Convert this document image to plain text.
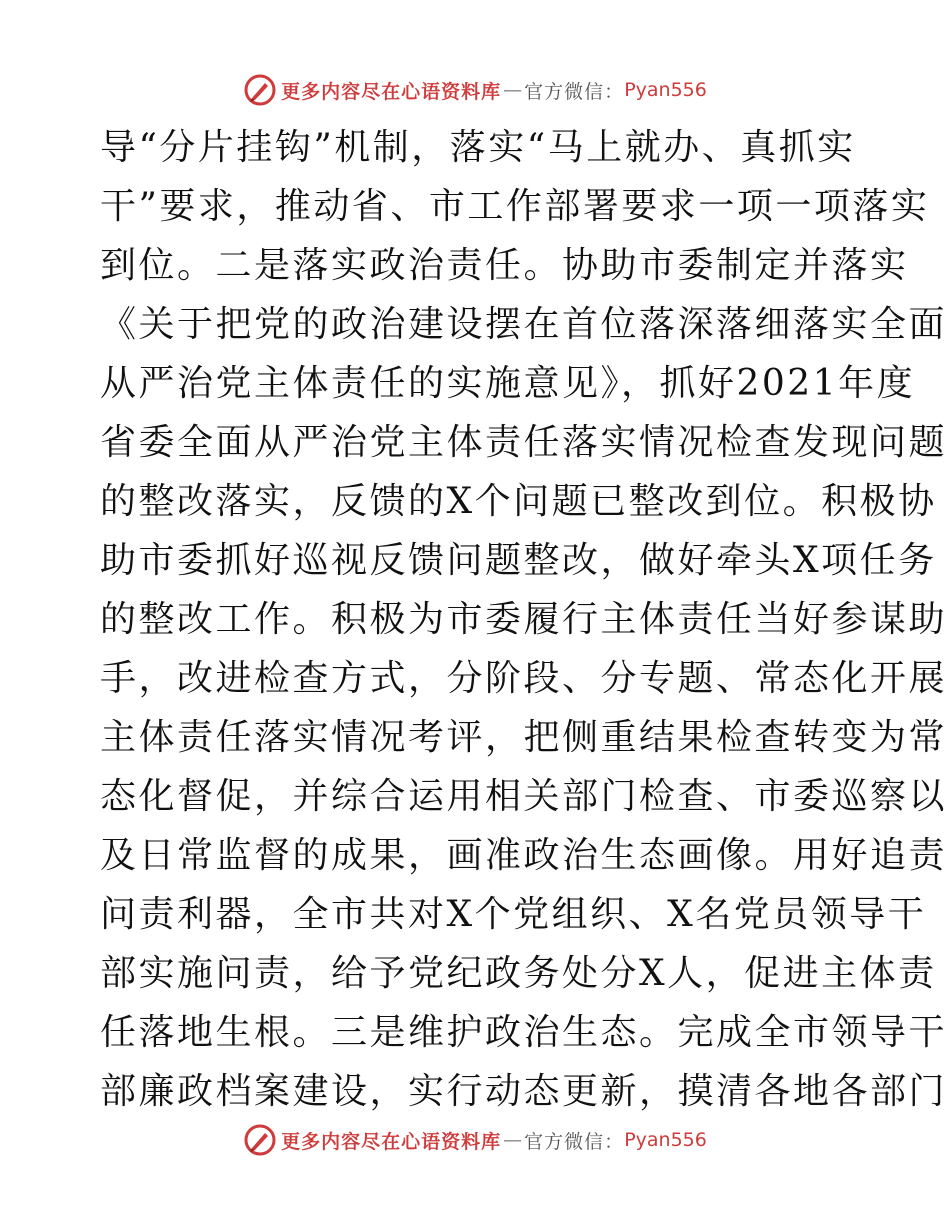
更多内容尽在心语资料库 — 官方微信： Pyan556
导“分片挂钩”机制，落实“马上就办、真抓实
干”要求，推动省、市工作部署要求一项一项落实
到位。二是落实政治责任。协助市委制定并落实
《关于把党的政治建设摆在首位落深落细落实全面
从严治党主体责任的实施意见》，抓好2021年度
省委全面从严治党主体责任落实情况检查发现问题
的整改落实，反馈的X个问题已整改到位。积极协
助市委抓好巡视反馈问题整改，做好牵头X项任务
的整改工作。积极为市委履行主体责任当好参谋助
手，改进检查方式，分阶段、分专题、常态化开展
主体责任落实情况考评，把侧重结果检查转变为常
态化督促，并综合运用相关部门检查、市委巡察以
及日常监督的成果，画准政治生态画像。用好追责
问责利器，全市共对X个党组织、X名党员领导干
部实施问责，给予党纪政务处分X人，促进主体责
任落地生根。三是维护政治生态。完成全市领导干
部廉政档案建设，实行动态更新，摸清各地各部门
更多内容尽在心语资料库 — 官方微信： Pyan556
